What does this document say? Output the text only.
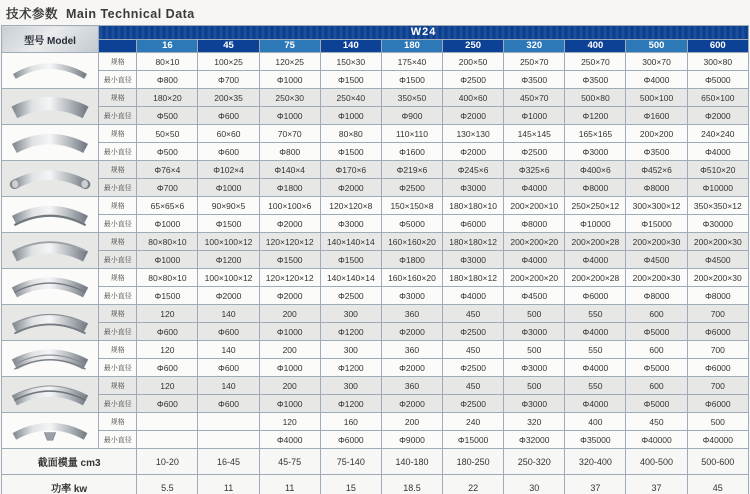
技术参数 Main Technical Data
型号 Model	W24										
		16	45	75	140	180	250	320	400	500	600
	规格	80×10	100×25	120×25	150×30	175×40	200×50	250×70	250×70	300×70	300×80
	最小直径	Φ800	Φ700	Φ1000	Φ1500	Φ1500	Φ2500	Φ3500	Φ3500	Φ4000	Φ5000
	规格	180×20	200×35	250×30	250×40	350×50	400×60	450×70	500×80	500×100	650×100
	最小直径	Φ500	Φ600	Φ1000	Φ1000	Φ900	Φ2000	Φ1000	Φ1200	Φ1600	Φ2000
	规格	50×50	60×60	70×70	80×80	110×110	130×130	145×145	165×165	200×200	240×240
	最小直径	Φ500	Φ600	Φ800	Φ1500	Φ1600	Φ2000	Φ2500	Φ3000	Φ3500	Φ4000
	规格	Φ76×4	Φ102×4	Φ140×4	Φ170×6	Φ219×6	Φ245×6	Φ325×6	Φ400×6	Φ452×6	Φ510×20
	最小直径	Φ700	Φ1000	Φ1800	Φ2000	Φ2500	Φ3000	Φ4000	Φ8000	Φ8000	Φ10000
	规格	65×65×6	90×90×5	100×100×6	120×120×8	150×150×8	180×180×10	200×200×10	250×250×12	300×300×12	350×350×12
	最小直径	Φ1000	Φ1500	Φ2000	Φ3000	Φ5000	Φ6000	Φ8000	Φ10000	Φ15000	Φ30000
	规格	80×80×10	100×100×12	120×120×12	140×140×14	160×160×20	180×180×12	200×200×20	200×200×28	200×200×30	200×200×30
	最小直径	Φ1000	Φ1200	Φ1500	Φ1500	Φ1800	Φ3000	Φ4000	Φ4000	Φ4500	Φ4500
	规格	80×80×10	100×100×12	120×120×12	140×140×14	160×160×20	180×180×12	200×200×20	200×200×28	200×200×30	200×200×30
	最小直径	Φ1500	Φ2000	Φ2000	Φ2500	Φ3000	Φ4000	Φ4500	Φ6000	Φ8000	Φ8000
	规格	120	140	200	300	360	450	500	550	600	700
	最小直径	Φ600	Φ600	Φ1000	Φ1200	Φ2000	Φ2500	Φ3000	Φ4000	Φ5000	Φ6000
	规格	120	140	200	300	360	450	500	550	600	700
	最小直径	Φ600	Φ600	Φ1000	Φ1200	Φ2000	Φ2500	Φ3000	Φ4000	Φ5000	Φ6000
	规格	120	140	200	300	360	450	500	550	600	700
	最小直径	Φ600	Φ600	Φ1000	Φ1200	Φ2000	Φ2500	Φ3000	Φ4000	Φ5000	Φ6000
	规格			120	160	200	240	320	400	450	500
	最小直径			Φ4000	Φ6000	Φ9000	Φ15000	Φ32000	Φ35000	Φ40000	Φ40000
截面模量 cm3		10-20	16-45	45-75	75-140	140-180	180-250	250-320	320-400	400-500	500-600
功率 kw		5.5	11	11	15	18.5	22	30	37	37	45
